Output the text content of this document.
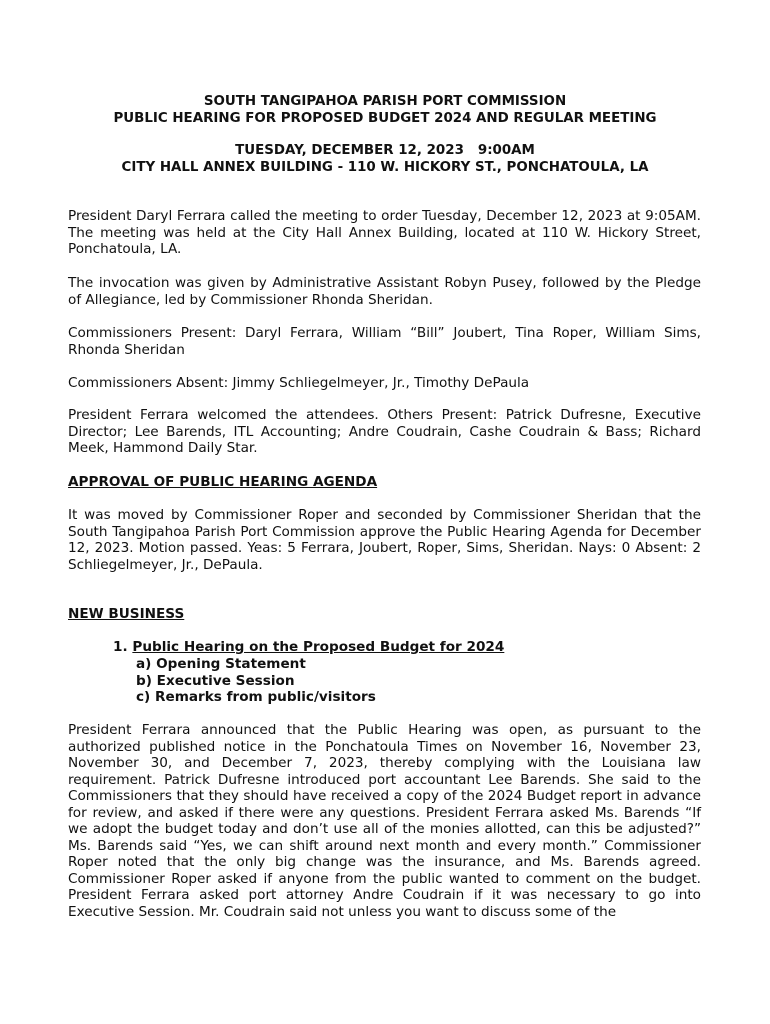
SOUTH TANGIPAHOA PARISH PORT COMMISSION
PUBLIC HEARING FOR PROPOSED BUDGET 2024 AND REGULAR MEETING
TUESDAY, DECEMBER 12, 2023   9:00AM
CITY HALL ANNEX BUILDING - 110 W. HICKORY ST., PONCHATOULA, LA

President Daryl Ferrara called the meeting to order Tuesday, December 12, 2023 at 9:05AM. The meeting was held at the City Hall Annex Building, located at 110 W. Hickory Street, Ponchatoula, LA.

The invocation was given by Administrative Assistant Robyn Pusey, followed by the Pledge of Allegiance, led by Commissioner Rhonda Sheridan.

Commissioners Present: Daryl Ferrara, William “Bill” Joubert, Tina Roper, William Sims, Rhonda Sheridan

Commissioners Absent: Jimmy Schliegelmeyer, Jr., Timothy DePaula

President Ferrara welcomed the attendees. Others Present: Patrick Dufresne, Executive Director; Lee Barends, ITL Accounting; Andre Coudrain, Cashe Coudrain & Bass; Richard Meek, Hammond Daily Star.

APPROVAL OF PUBLIC HEARING AGENDA

It was moved by Commissioner Roper and seconded by Commissioner Sheridan that the South Tangipahoa Parish Port Commission approve the Public Hearing Agenda for December 12, 2023. Motion passed. Yeas: 5 Ferrara, Joubert, Roper, Sims, Sheridan. Nays: 0 Absent: 2 Schliegelmeyer, Jr., DePaula.

NEW BUSINESS

1. Public Hearing on the Proposed Budget for 2024
a) Opening Statement
b) Executive Session
c) Remarks from public/visitors

President Ferrara announced that the Public Hearing was open, as pursuant to the authorized published notice in the Ponchatoula Times on November 16, November 23, November 30, and December 7, 2023, thereby complying with the Louisiana law requirement. Patrick Dufresne introduced port accountant Lee Barends. She said to the Commissioners that they should have received a copy of the 2024 Budget report in advance for review, and asked if there were any questions. President Ferrara asked Ms. Barends “If we adopt the budget today and don’t use all of the monies allotted, can this be adjusted?” Ms. Barends said “Yes, we can shift around next month and every month.” Commissioner Roper noted that the only big change was the insurance, and Ms. Barends agreed. Commissioner Roper asked if anyone from the public wanted to comment on the budget. President Ferrara asked port attorney Andre Coudrain if it was necessary to go into Executive Session. Mr. Coudrain said not unless you want to discuss some of the
